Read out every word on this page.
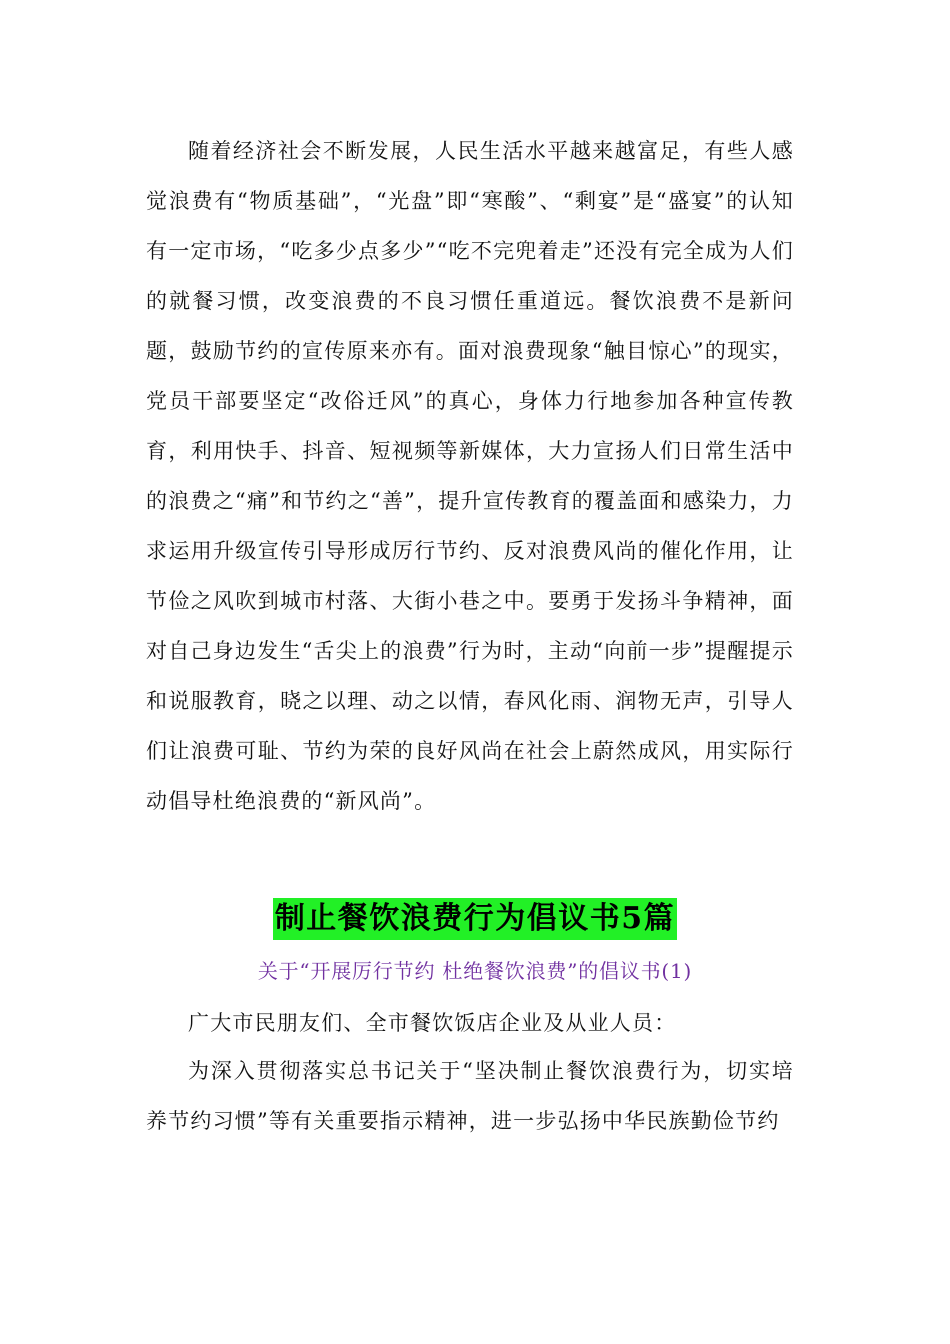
随着经济社会不断发展，人民生活水平越来越富足，有些人感觉浪费有“物质基础”，“光盘”即“寒酸”、“剩宴”是“盛宴”的认知有一定市场，“吃多少点多少”“吃不完兜着走”还没有完全成为人们的就餐习惯，改变浪费的不良习惯任重道远。餐饮浪费不是新问题，鼓励节约的宣传原来亦有。面对浪费现象“触目惊心”的现实，党员干部要坚定“改俗迁风”的真心，身体力行地参加各种宣传教育，利用快手、抖音、短视频等新媒体，大力宣扬人们日常生活中的浪费之“痛”和节约之“善”，提升宣传教育的覆盖面和感染力，力求运用升级宣传引导形成厉行节约、反对浪费风尚的催化作用，让节俭之风吹到城市村落、大街小巷之中。要勇于发扬斗争精神，面对自己身边发生“舌尖上的浪费”行为时，主动“向前一步”提醒提示和说服教育，晓之以理、动之以情，春风化雨、润物无声，引导人们让浪费可耻、节约为荣的良好风尚在社会上蔚然成风，用实际行动倡导杜绝浪费的“新风尚”。

制止餐饮浪费行为倡议书5篇
关于“开展厉行节约 杜绝餐饮浪费”的倡议书(1)
广大市民朋友们、全市餐饮饭店企业及从业人员：

为深入贯彻落实总书记关于“坚决制止餐饮浪费行为，切实培养节约习惯”等有关重要指示精神，进一步弘扬中华民族勤俭节约
